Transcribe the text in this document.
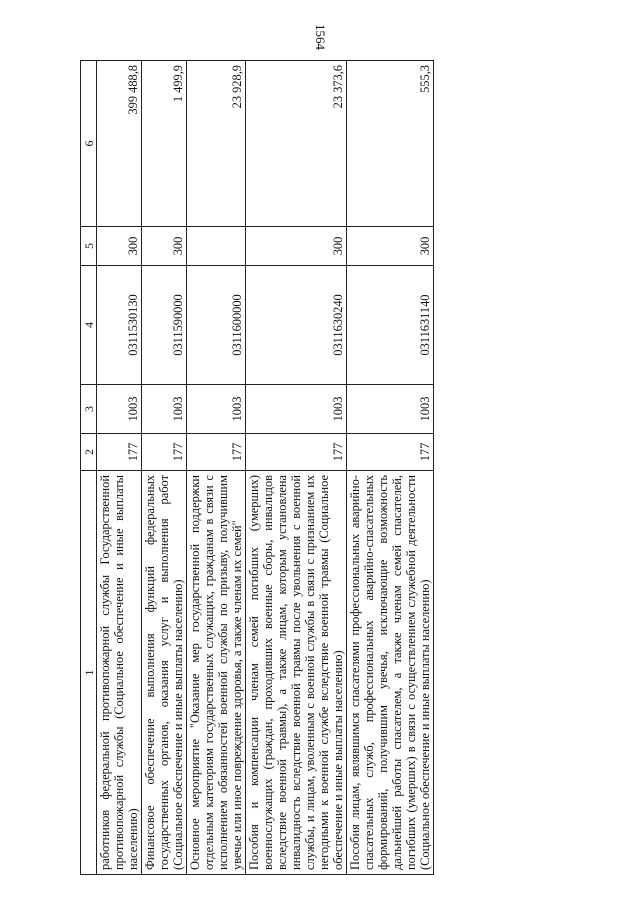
1564
1	2	3	4	5	6

работников федеральной противопожарной службы Государственной противопожарной службы (Социальное обеспечение и иные выплаты населению)	177	1003	0311530130	300	399 488,8

Финансовое обеспечение выполнения функций федеральных государственных органов, оказания услуг и выполнения работ (Социальное обеспечение и иные выплаты населению)	177	1003	0311590000	300	1 499,9

Основное мероприятие "Оказание мер государственной поддержки отдельным категориям государственных служащих, гражданам в связи с исполнением обязанностей военной службы по призыву, получившим увечье или иное повреждение здоровья, а также членам их семей"	177	1003	0311600000		23 928,9

Пособия и компенсации членам семей погибших (умерших) военнослужащих (граждан, проходивших военные сборы, инвалидов вследствие военной травмы), а также лицам, которым установлена инвалидность вследствие военной травмы после увольнения с военной службы, и лицам, уволенным с военной службы в связи с признанием их негодными к военной службе вследствие военной травмы (Социальное обеспечение и иные выплаты населению)	177	1003	0311630240	300	23 373,6

Пособия лицам, являвшимся спасателями профессиональных аварийно-спасательных служб, профессиональных аварийно-спасательных формирований, получившим увечья, исключающие возможность дальнейшей работы спасателем, а также членам семей спасателей, погибших (умерших) в связи с осуществлением служебной деятельности (Социальное обеспечение и иные выплаты населению)	177	1003	0311631140	300	555,3
